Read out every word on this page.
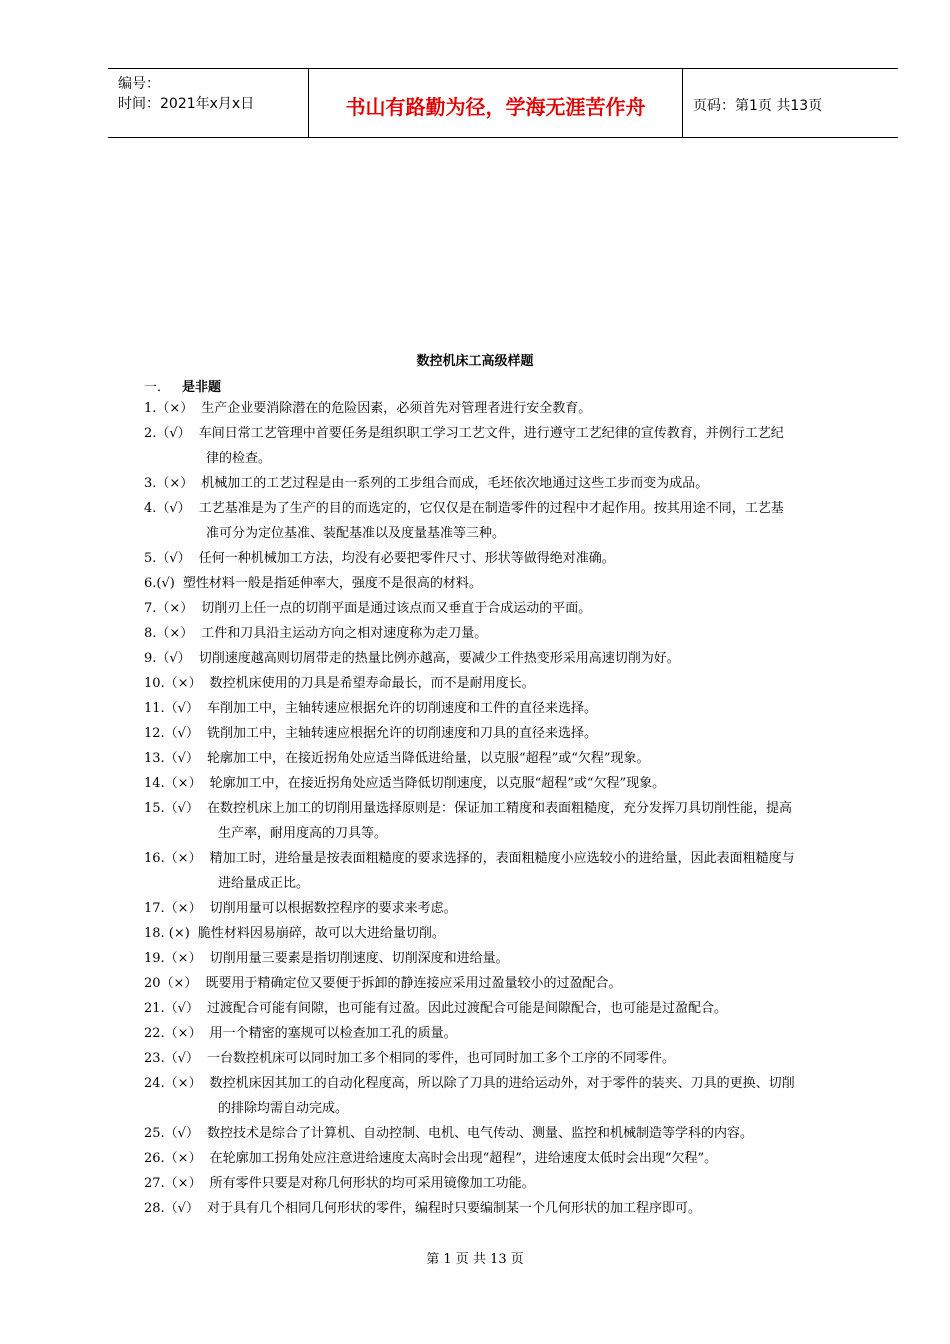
编号：
时间：2021年x月x日	书山有路勤为径，学海无涯苦作舟	页码：第1页 共13页
数控机床工高级样题
一． 是非题
1.（×） 生产企业要消除潜在的危险因素，必须首先对管理者进行安全教育。
2.（√） 车间日常工艺管理中首要任务是组织职工学习工艺文件，进行遵守工艺纪律的宣传教育，并例行工艺纪
律的检查。
3.（×） 机械加工的工艺过程是由一系列的工步组合而成，毛坯依次地通过这些工步而变为成品。
4.（√） 工艺基准是为了生产的目的而选定的，它仅仅是在制造零件的过程中才起作用。按其用途不同，工艺基
准可分为定位基准、装配基准以及度量基准等三种。
5.（√） 任何一种机械加工方法，均没有必要把零件尺寸、形状等做得绝对准确。
6.(√) 塑性材料一般是指延伸率大，强度不是很高的材料。
7.（×） 切削刃上任一点的切削平面是通过该点而又垂直于合成运动的平面。
8.（×） 工件和刀具沿主运动方向之相对速度称为走刀量。
9.（√） 切削速度越高则切屑带走的热量比例亦越高，要减少工件热变形采用高速切削为好。
10.（×） 数控机床使用的刀具是希望寿命最长，而不是耐用度长。
11.（√） 车削加工中，主轴转速应根据允许的切削速度和工件的直径来选择。
12.（√） 铣削加工中，主轴转速应根据允许的切削速度和刀具的直径来选择。
13.（√） 轮廓加工中，在接近拐角处应适当降低进给量，以克服“超程”或“欠程”现象。
14.（×） 轮廓加工中，在接近拐角处应适当降低切削速度，以克服“超程”或“欠程”现象。
15.（√） 在数控机床上加工的切削用量选择原则是：保证加工精度和表面粗糙度，充分发挥刀具切削性能，提高
生产率，耐用度高的刀具等。
16.（×） 精加工时，进给量是按表面粗糙度的要求选择的，表面粗糙度小应选较小的进给量，因此表面粗糙度与
进给量成正比。
17.（×） 切削用量可以根据数控程序的要求来考虑。
18. (×) 脆性材料因易崩碎，故可以大进给量切削。
19.（×） 切削用量三要素是指切削速度、切削深度和进给量。
20（×） 既要用于精确定位又要便于拆卸的静连接应采用过盈量较小的过盈配合。
21.（√） 过渡配合可能有间隙，也可能有过盈。因此过渡配合可能是间隙配合，也可能是过盈配合。
22.（×） 用一个精密的塞规可以检查加工孔的质量。
23.（√） 一台数控机床可以同时加工多个相同的零件，也可同时加工多个工序的不同零件。
24.（×） 数控机床因其加工的自动化程度高，所以除了刀具的进给运动外，对于零件的装夹、刀具的更换、切削
的排除均需自动完成。
25.（√） 数控技术是综合了计算机、自动控制、电机、电气传动、测量、监控和机械制造等学科的内容。
26.（×） 在轮廓加工拐角处应注意进给速度太高时会出现“超程”，进给速度太低时会出现“欠程”。
27.（×） 所有零件只要是对称几何形状的均可采用镜像加工功能。
28.（√） 对于具有几个相同几何形状的零件，编程时只要编制某一个几何形状的加工程序即可。
第 1 页 共 13 页
